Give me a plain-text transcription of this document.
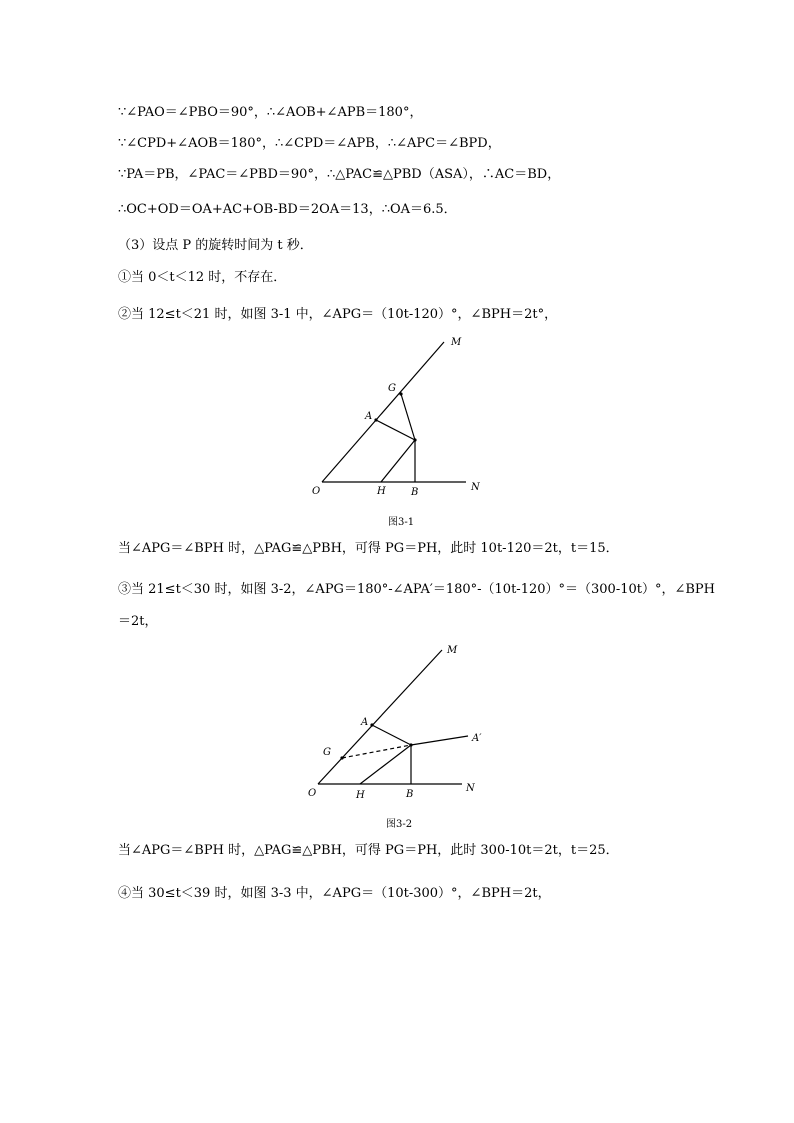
∵∠PAO＝∠PBO＝90°，∴∠AOB+∠APB＝180°，
∵∠CPD+∠AOB＝180°，∴∠CPD＝∠APB，∴∠APC＝∠BPD，
∵PA＝PB，∠PAC＝∠PBD＝90°，∴△PAC≌△PBD（ASA），∴AC＝BD，
∴OC+OD＝OA+AC+OB-BD＝2OA＝13，∴OA＝6.5．
（3）设点 P 的旋转时间为 t 秒．
①当 0＜t＜12 时，不存在．
②当 12≤t＜21 时，如图 3-1 中，∠APG＝（10t-120）°，∠BPH＝2t°，
M
G
A
O	H	B	N
图3-1
当∠APG＝∠BPH 时，△PAG≌△PBH，可得 PG＝PH，此时 10t-120＝2t，t＝15．
③当 21≤t＜30 时，如图 3-2，∠APG＝180°-∠APA′＝180°-（10t-120）°＝（300-10t）°，∠BPH
＝2t，
M
A
G
A′
O	H	B
N
图3-2
当∠APG＝∠BPH 时，△PAG≌△PBH，可得 PG＝PH，此时 300-10t＝2t，t＝25．
④当 30≤t＜39 时，如图 3-3 中，∠APG＝（10t-300）°，∠BPH＝2t，
